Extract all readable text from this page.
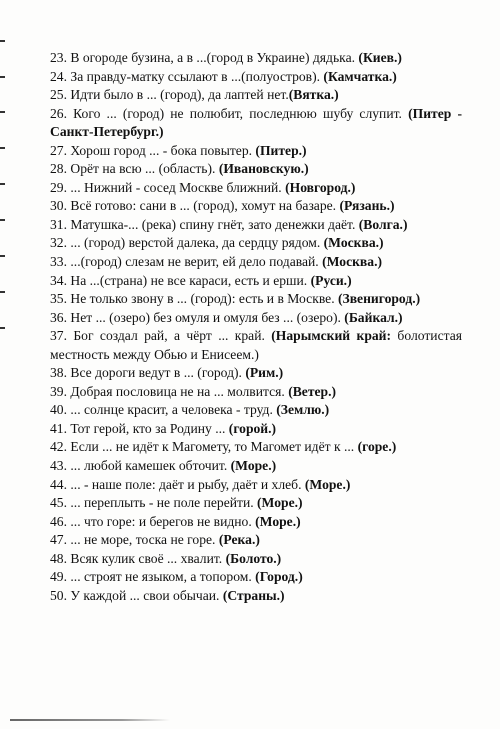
23. В огороде бузина, а в ...(город в Украине) дядька. (Киев.)

24. За правду-матку ссылают в ...(полуостров). (Камчатка.)

25. Идти было в ... (город), да лаптей нет.(Вятка.)

26. Кого ... (город) не полюбит, последнюю шубу слупит. (Питер - Санкт-Петербург.)

27. Хорош город ... - бока повытер. (Питер.)

28. Орёт на всю ... (область). (Ивановскую.)

29. ... Нижний - сосед Москве ближний. (Новгород.)

30. Всё готово: сани в ... (город), хомут на базаре. (Рязань.)

31. Матушка-... (река) спину гнёт, зато денежки даёт. (Волга.)

32. ... (город) верстой далека, да сердцу рядом. (Москва.)

33. ...(город) слезам не верит, ей дело подавай. (Москва.)

34. На ...(страна) не все караси, есть и ерши. (Руси.)

35. Не только звону в ... (город): есть и в Москве. (Звенигород.)

36. Нет ... (озеро) без омуля и омуля без ... (озеро). (Байкал.)

37. Бог создал рай, а чёрт ... край. (Нарымский край: болотистая местность между Обью и Енисеем.)

38. Все дороги ведут в ... (город). (Рим.)

39. Добрая пословица не на ... молвится. (Ветер.)

40. ... солнце красит, а человека - труд. (Землю.)

41. Тот герой, кто за Родину ... (горой.)

42. Если ... не идёт к Магомету, то Магомет идёт к ... (горе.)

43. ... любой камешек обточит. (Море.)

44. ... - наше поле: даёт и рыбу, даёт и хлеб. (Море.)

45. ... переплыть - не поле перейти. (Море.)

46. ... что горе: и берегов не видно. (Море.)

47. ... не море, тоска не горе. (Река.)

48. Всяк кулик своё ... хвалит. (Болото.)

49. ... строят не языком, а топором. (Город.)

50. У каждой ... свои обычаи. (Страны.)
